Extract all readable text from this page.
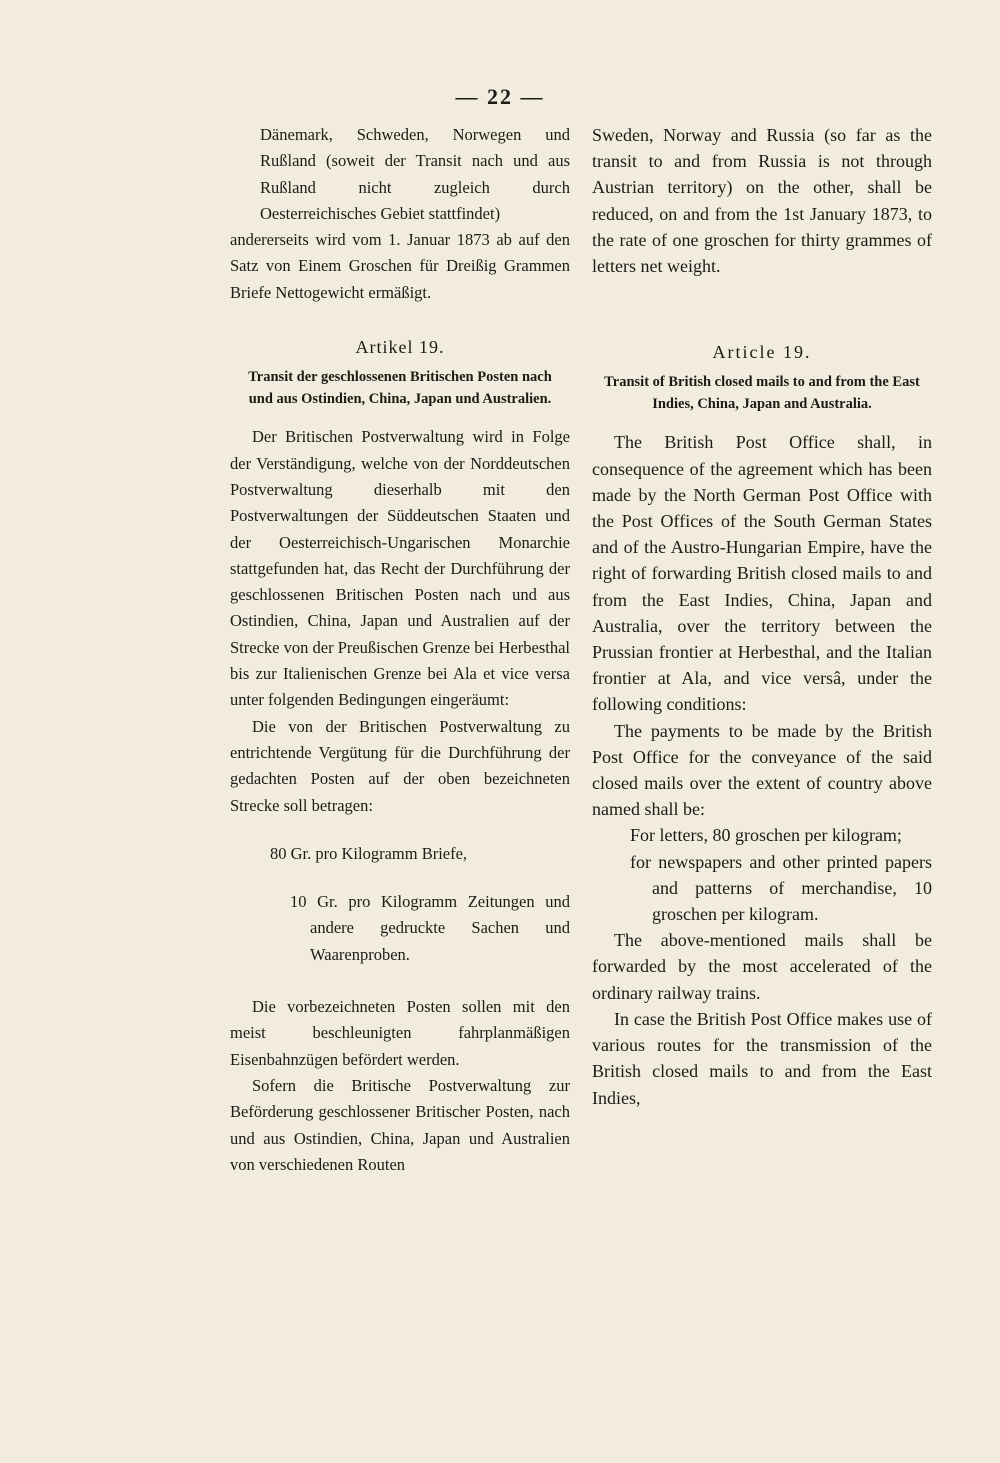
— 22 —

Dänemark, Schweden, Norwegen und Rußland (soweit der Transit nach und aus Rußland nicht zugleich durch Oesterreichisches Gebiet stattfindet)

andererseits wird vom 1. Januar 1873 ab auf den Satz von Einem Groschen für Dreißig Grammen Briefe Nettogewicht ermäßigt.

Artikel 19.

Transit der geschlossenen Britischen Posten nach und aus Ostindien, China, Japan und Australien.

Der Britischen Postverwaltung wird in Folge der Verständigung, welche von der Norddeutschen Postverwaltung dieserhalb mit den Postverwaltungen der Süddeutschen Staaten und der Oesterreichisch-Ungarischen Monarchie stattgefunden hat, das Recht der Durchführung der geschlossenen Britischen Posten nach und aus Ostindien, China, Japan und Australien auf der Strecke von der Preußischen Grenze bei Herbesthal bis zur Italienischen Grenze bei Ala et vice versa unter folgenden Bedingungen eingeräumt:

Die von der Britischen Postverwaltung zu entrichtende Vergütung für die Durchführung der gedachten Posten auf der oben bezeichneten Strecke soll betragen:

80 Gr. pro Kilogramm Briefe,

10 Gr. pro Kilogramm Zeitungen und andere gedruckte Sachen und Waarenproben.

Die vorbezeichneten Posten sollen mit den meist beschleunigten fahrplanmäßigen Eisenbahnzügen befördert werden.

Sofern die Britische Postverwaltung zur Beförderung geschlossener Britischer Posten, nach und aus Ostindien, China, Japan und Australien von verschiedenen Routen

Sweden, Norway and Russia (so far as the transit to and from Russia is not through Austrian territory) on the other, shall be reduced, on and from the 1st January 1873, to the rate of one groschen for thirty grammes of letters net weight.

Article 19.

Transit of British closed mails to and from the East Indies, China, Japan and Australia.

The British Post Office shall, in consequence of the agreement which has been made by the North German Post Office with the Post Offices of the South German States and of the Austro-Hungarian Empire, have the right of forwarding British closed mails to and from the East Indies, China, Japan and Australia, over the territory between the Prussian frontier at Herbesthal, and the Italian frontier at Ala, and vice versâ, under the following conditions:

The payments to be made by the British Post Office for the conveyance of the said closed mails over the extent of country above named shall be:

For letters, 80 groschen per kilogram;

for newspapers and other printed papers and patterns of merchandise, 10 groschen per kilogram.

The above-mentioned mails shall be forwarded by the most accelerated of the ordinary railway trains.

In case the British Post Office makes use of various routes for the transmission of the British closed mails to and from the East Indies,
